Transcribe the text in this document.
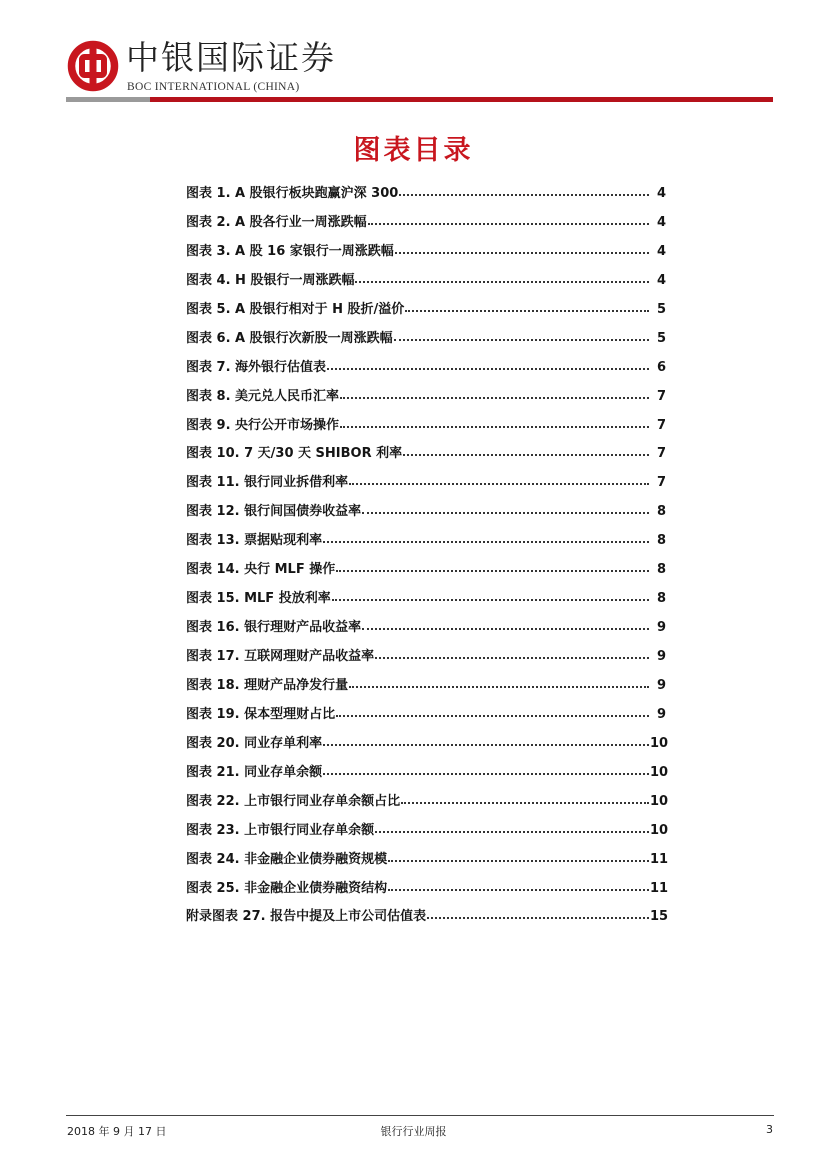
中银国际证券
BOC INTERNATIONAL (CHINA)
图表目录
图表 1. A 股银行板块跑赢沪深 300	4
图表 2. A 股各行业一周涨跌幅	4
图表 3. A 股 16 家银行一周涨跌幅	4
图表 4. H 股银行一周涨跌幅	4
图表 5. A 股银行相对于 H 股折/溢价	5
图表 6. A 股银行次新股一周涨跌幅	5
图表 7. 海外银行估值表	6
图表 8. 美元兑人民币汇率	7
图表 9. 央行公开市场操作	7
图表 10. 7 天/30 天 SHIBOR 利率	7
图表 11. 银行同业拆借利率	7
图表 12. 银行间国债券收益率	8
图表 13. 票据贴现利率	8
图表 14. 央行 MLF 操作	8
图表 15. MLF 投放利率	8
图表 16. 银行理财产品收益率	9
图表 17. 互联网理财产品收益率	9
图表 18. 理财产品净发行量	9
图表 19. 保本型理财占比	9
图表 20. 同业存单利率	10
图表 21. 同业存单余额	10
图表 22. 上市银行同业存单余额占比	10
图表 23. 上市银行同业存单余额	10
图表 24. 非金融企业债券融资规模	11
图表 25. 非金融企业债券融资结构	11
附录图表 27. 报告中提及上市公司估值表	15
2018 年 9 月 17 日	银行行业周报	3
